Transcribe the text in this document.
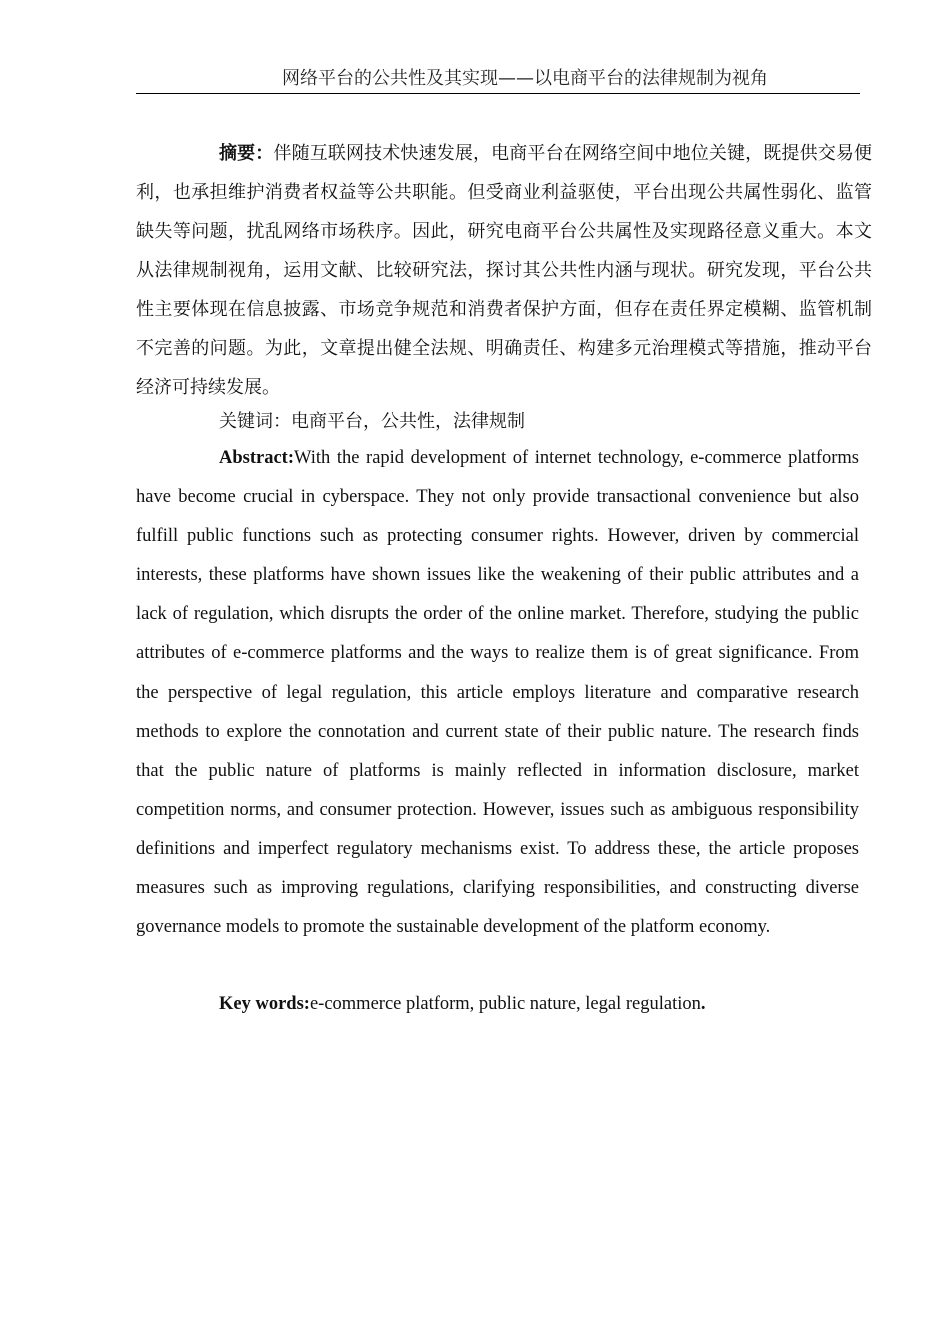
网络平台的公共性及其实现——以电商平台的法律规制为视角

摘要：伴随互联网技术快速发展，电商平台在网络空间中地位关键，既提供交易便利，也承担维护消费者权益等公共职能。但受商业利益驱使，平台出现公共属性弱化、监管缺失等问题，扰乱网络市场秩序。因此，研究电商平台公共属性及实现路径意义重大。本文从法律规制视角，运用文献、比较研究法，探讨其公共性内涵与现状。研究发现，平台公共性主要体现在信息披露、市场竞争规范和消费者保护方面，但存在责任界定模糊、监管机制不完善的问题。为此，文章提出健全法规、明确责任、构建多元治理模式等措施，推动平台经济可持续发展。

关键词：电商平台，公共性，法律规制

Abstract:With the rapid development of internet technology, e-commerce platforms have become crucial in cyberspace. They not only provide transactional convenience but also fulfill public functions such as protecting consumer rights. However, driven by commercial interests, these platforms have shown issues like the weakening of their public attributes and a lack of regulation, which disrupts the order of the online market. Therefore, studying the public attributes of e-commerce platforms and the ways to realize them is of great significance. From the perspective of legal regulation, this article employs literature and comparative research methods to explore the connotation and current state of their public nature. The research finds that the public nature of platforms is mainly reflected in information disclosure, market competition norms, and consumer protection. However, issues such as ambiguous responsibility definitions and imperfect regulatory mechanisms exist. To address these, the article proposes measures such as improving regulations, clarifying responsibilities, and constructing diverse governance models to promote the sustainable development of the platform economy.

Key words:e-commerce platform, public nature, legal regulation.
